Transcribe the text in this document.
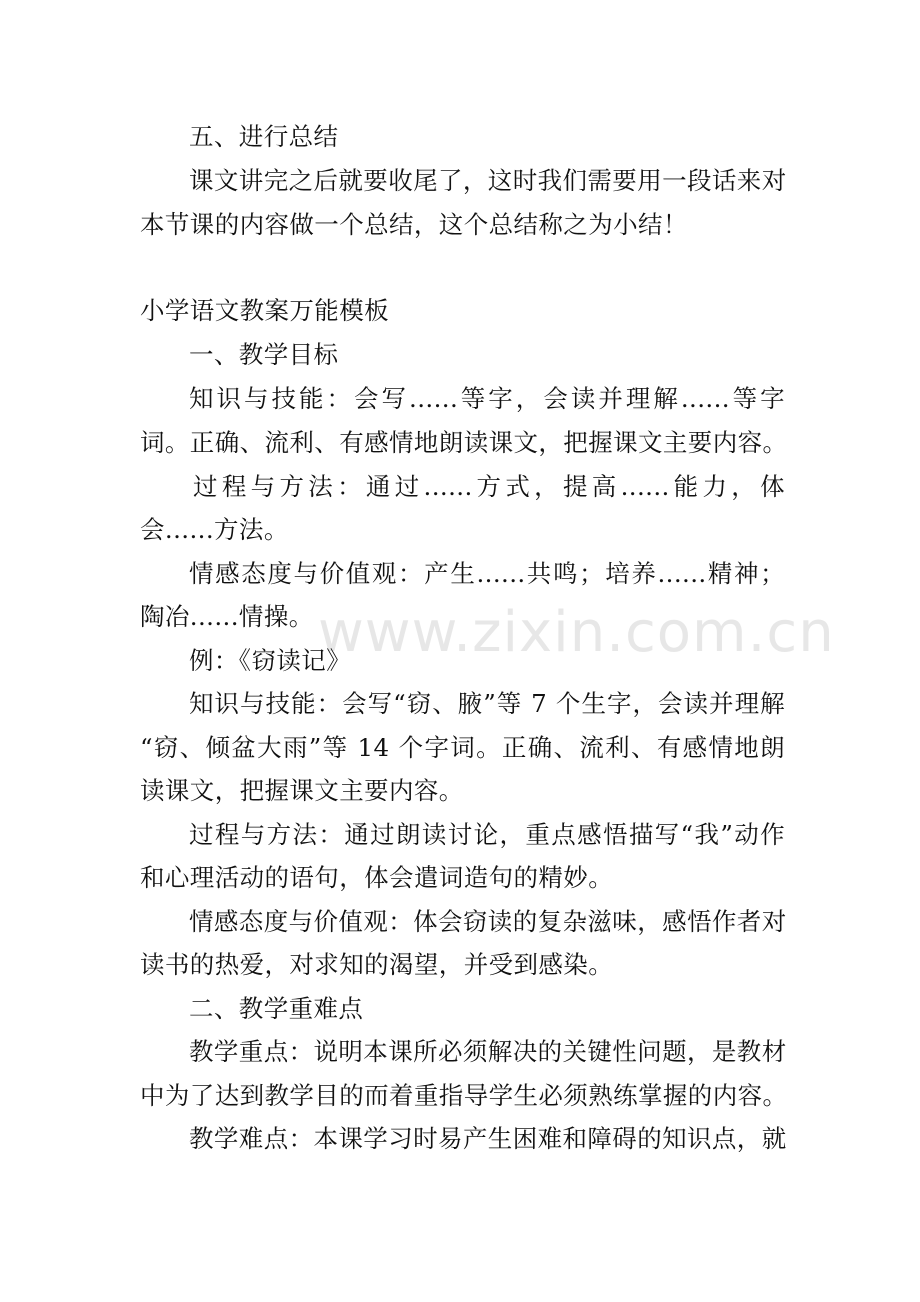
www.zixin.com.cn
五、进行总结
课文讲完之后就要收尾了，这时我们需要用一段话来对
本节课的内容做一个总结，这个总结称之为小结！
小学语文教案万能模板
一、教学目标
知识与技能：会写......等字，会读并理解......等字
词。正确、流利、有感情地朗读课文，把握课文主要内容。
过程与方法：通过......方式，提高......能力，体
会......方法。
情感态度与价值观：产生......共鸣；培养......精神；
陶冶......情操。
例：《窃读记》
知识与技能：会写“窃、腋”等 7 个生字，会读并理解
“窃、倾盆大雨”等 14 个字词。正确、流利、有感情地朗
读课文，把握课文主要内容。
过程与方法：通过朗读讨论，重点感悟描写“我”动作
和心理活动的语句，体会遣词造句的精妙。
情感态度与价值观：体会窃读的复杂滋味，感悟作者对
读书的热爱，对求知的渴望，并受到感染。
二、教学重难点
教学重点：说明本课所必须解决的关键性问题，是教材
中为了达到教学目的而着重指导学生必须熟练掌握的内容。
教学难点：本课学习时易产生困难和障碍的知识点，就
